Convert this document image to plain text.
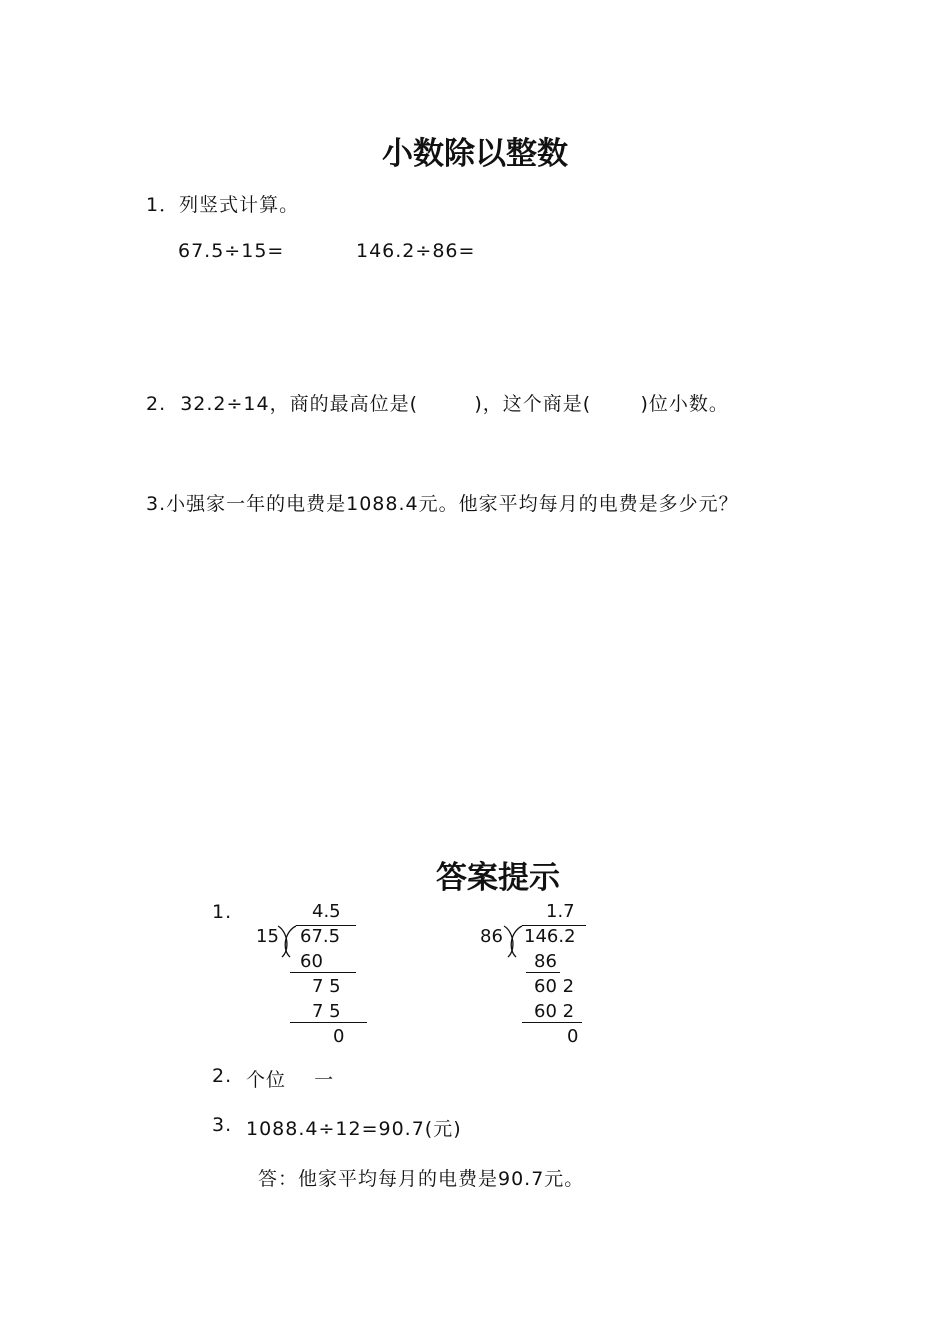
小数除以整数
1．列竖式计算。
67.5÷15=	146.2÷86=
2.  32.2÷14，商的最高位是(        )，这个商是(       )位小数。
3.小强家一年的电费是1088.4元。他家平均每月的电费是多少元？
答案提示
1.	4.5
15 67.5
60
7 5
7 5
0
1.7
86 146.2
86
60 2
60 2
0
2. 个位    一
3. 1088.4÷12=90.7(元)
答：他家平均每月的电费是90.7元。
